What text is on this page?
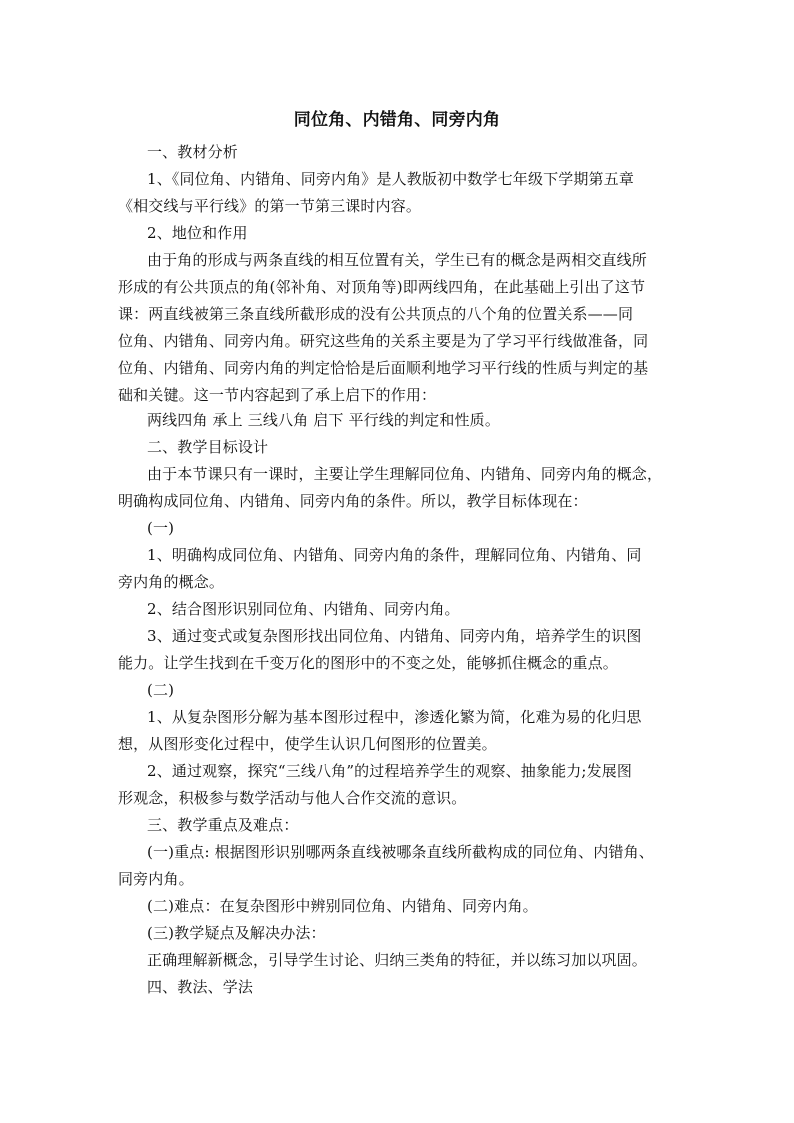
同位角、内错角、同旁内角
一、教材分析
1、《同位角、内错角、同旁内角》是人教版初中数学七年级下学期第五章
《相交线与平行线》的第一节第三课时内容。
2、地位和作用
由于角的形成与两条直线的相互位置有关，学生已有的概念是两相交直线所
形成的有公共顶点的角(邻补角、对顶角等)即两线四角，在此基础上引出了这节
课：两直线被第三条直线所截形成的没有公共顶点的八个角的位置关系——同
位角、内错角、同旁内角。研究这些角的关系主要是为了学习平行线做准备，同
位角、内错角、同旁内角的判定恰恰是后面顺利地学习平行线的性质与判定的基
础和关键。这一节内容起到了承上启下的作用：
两线四角 承上 三线八角 启下 平行线的判定和性质。
二、教学目标设计
由于本节课只有一课时，主要让学生理解同位角、内错角、同旁内角的概念，
明确构成同位角、内错角、同旁内角的条件。所以，教学目标体现在：
(一)
1、明确构成同位角、内错角、同旁内角的条件，理解同位角、内错角、同
旁内角的概念。
2、结合图形识别同位角、内错角、同旁内角。
3、通过变式或复杂图形找出同位角、内错角、同旁内角，培养学生的识图
能力。让学生找到在千变万化的图形中的不变之处，能够抓住概念的重点。
(二)
1、从复杂图形分解为基本图形过程中，渗透化繁为简，化难为易的化归思
想，从图形变化过程中，使学生认识几何图形的位置美。
2、通过观察，探究“三线八角”的过程培养学生的观察、抽象能力;发展图
形观念，积极参与数学活动与他人合作交流的意识。
三、教学重点及难点：
(一)重点: 根据图形识别哪两条直线被哪条直线所截构成的同位角、内错角、
同旁内角。
(二)难点：在复杂图形中辨别同位角、内错角、同旁内角。
(三)教学疑点及解决办法：
正确理解新概念，引导学生讨论、归纳三类角的特征，并以练习加以巩固。
四、教法、学法
